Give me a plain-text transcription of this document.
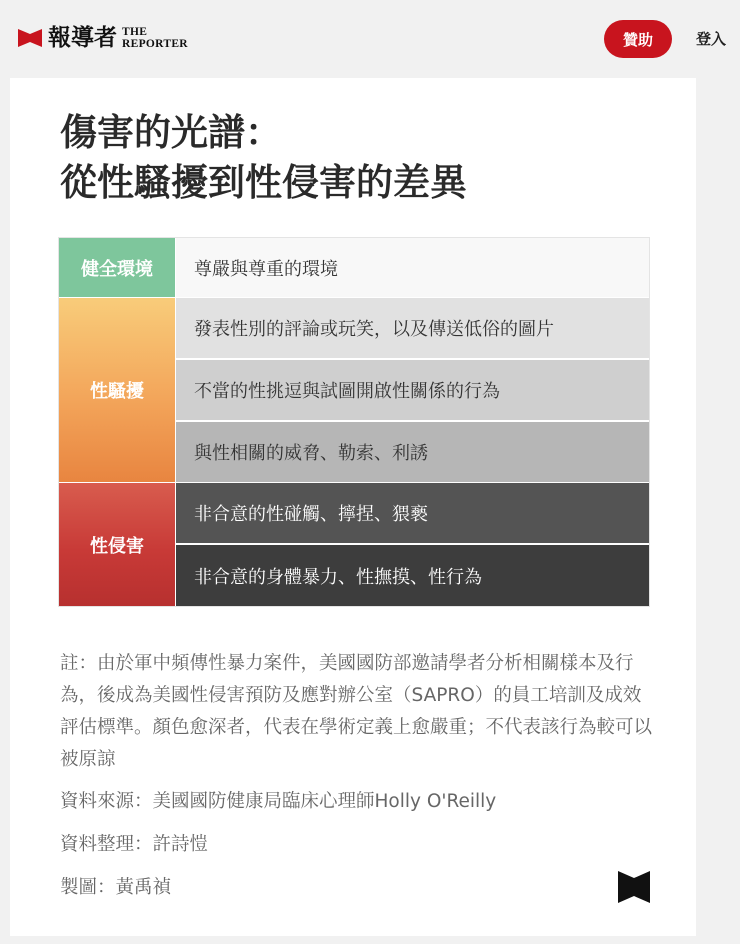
報導者 THE
REPORTER	贊助	登入
傷害的光譜：
從性騷擾到性侵害的差異
健全環境
性騷擾
性侵害
尊嚴與尊重的環境
發表性別的評論或玩笑，以及傳送低俗的圖片
不當的性挑逗與試圖開啟性關係的行為
與性相關的威脅、勒索、利誘
非合意的性碰觸、擰捏、猥褻
非合意的身體暴力、性撫摸、性行為

註：由於軍中頻傳性暴力案件，美國國防部邀請學者分析相關樣本及行為，後成為美國性侵害預防及應對辦公室（SAPRO）的員工培訓及成效評估標準。顏色愈深者，代表在學術定義上愈嚴重；不代表該行為較可以被原諒

資料來源：美國國防健康局臨床心理師Holly O'Reilly

資料整理：許詩愷

製圖：黃禹禎
